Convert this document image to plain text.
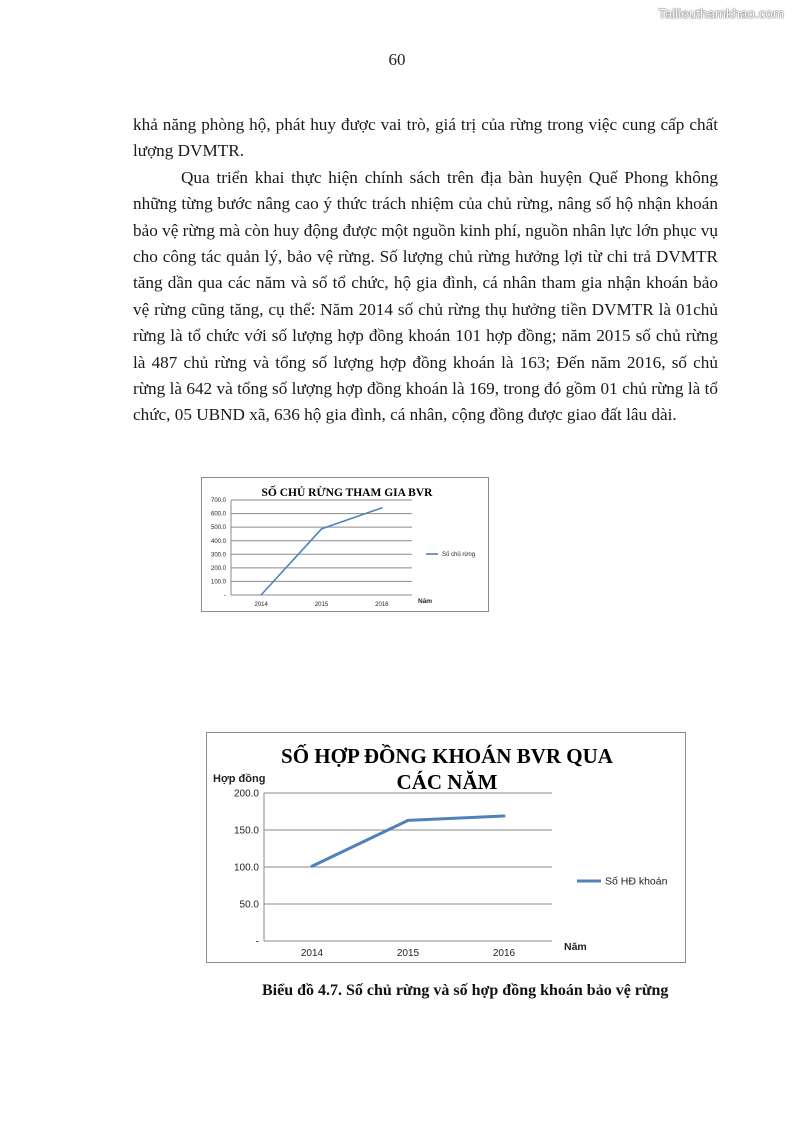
Tailieuthamkhao.com
60

khả năng phòng hộ, phát huy được vai trò, giá trị của rừng trong việc cung cấp chất lượng DVMTR.

Qua triển khai thực hiện chính sách trên địa bàn huyện Quế Phong không những từng bước nâng cao ý thức trách nhiệm của chủ rừng, nâng số hộ nhận khoán bảo vệ rừng mà còn huy động được một nguồn kinh phí, nguồn nhân lực lớn phục vụ cho công tác quản lý, bảo vệ rừng. Số lượng chủ rừng hưởng lợi từ chi trả DVMTR tăng dần qua các năm và số tổ chức, hộ gia đình, cá nhân tham gia nhận khoán bảo vệ rừng cũng tăng, cụ thể: Năm 2014 số chủ rừng thụ hưởng tiền DVMTR là 01chủ rừng là tổ chức với số lượng hợp đồng khoán 101 hợp đồng; năm 2015 số chủ rừng là 487 chủ rừng và tổng số lượng hợp đồng khoán là 163; Đến năm 2016, số chủ rừng là 642 và tổng số lượng hợp đồng khoán là 169, trong đó gồm 01 chủ rừng là tổ chức, 05 UBND xã, 636 hộ gia đình, cá nhân, cộng đồng được giao đất lâu dài.

SỐ CHỦ RỪNG THAM GIA BVR
-
100.0
200.0
300.0
400.0
500.0
600.0
700.0
2014	2015	2016	Năm
Số chủ rừng
SỐ HỢP ĐỒNG KHOÁN BVR QUA
CÁC NĂM
-
50.0
100.0
150.0
200.0
2014	2015	2016
Năm
Hợp đồng
Số HĐ khoán
Biểu đồ 4.7. Số chủ rừng và số hợp đồng khoán bảo vệ rừng
